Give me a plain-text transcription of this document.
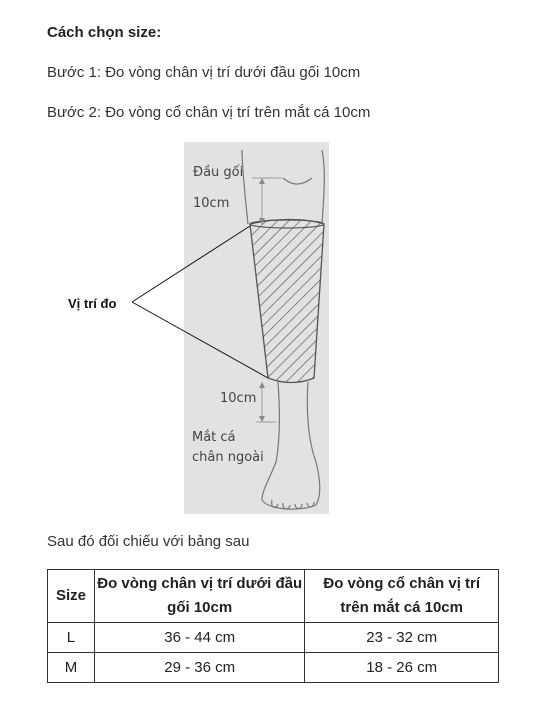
Cách chọn size:
Bước 1: Đo vòng chân vị trí dưới đầu gối 10cm
Bước 2: Đo vòng cổ chân vị trí trên mắt cá 10cm
Đầu gối
10cm
Vị trí đo
10cm
Mắt cá
chân ngoài
Sau đó đối chiếu với bảng sau
Size	Đo vòng chân vị trí dưới đầu gối 10cm	Đo vòng cổ chân vị trí trên mắt cá 10cm
L	36 - 44 cm	23 - 32 cm
M	29 - 36 cm	18 - 26 cm
